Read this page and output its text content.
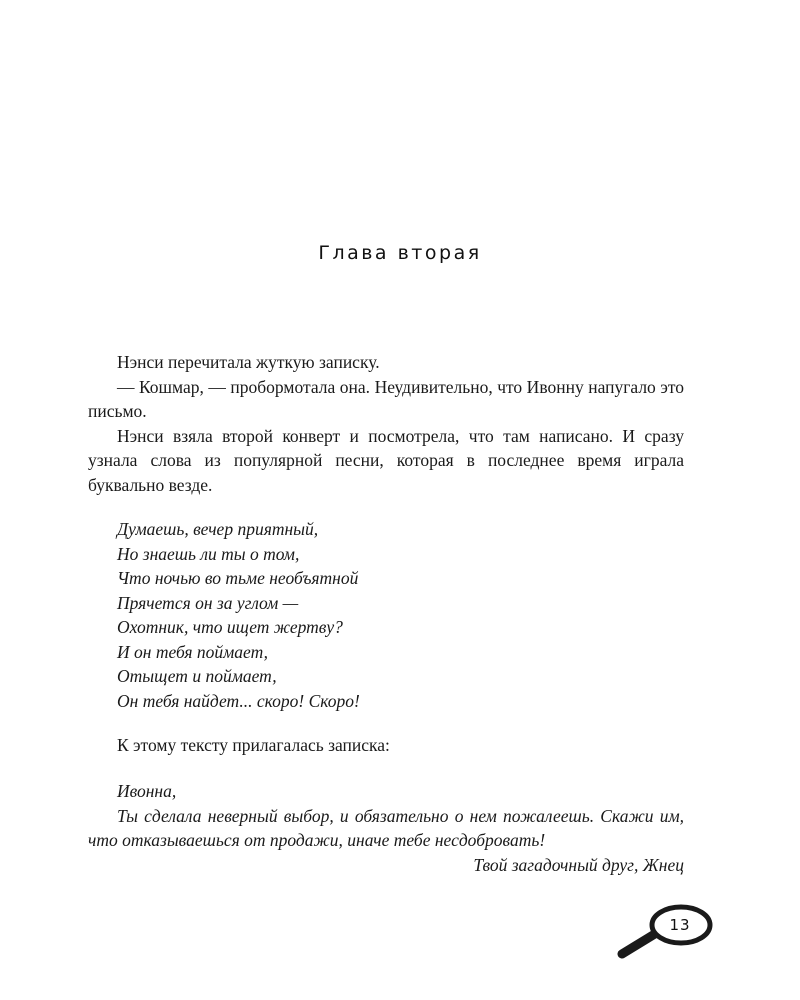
Глава вторая

Нэнси перечитала жуткую записку.

— Кошмар, — пробормотала она. Неудивительно, что Ивонну напугало это письмо.

Нэнси взяла второй конверт и посмотрела, что там написано. И сразу узнала слова из популярной песни, которая в последнее время играла буквально везде.

Думаешь, вечер приятный,
Но знаешь ли ты о том,
Что ночью во тьме необъятной
Прячется он за углом —
Охотник, что ищет жертву?
И он тебя поймает,
Отыщет и поймает,
Он тебя найдет... скоро! Скоро!

К этому тексту прилагалась записка:

Ивонна,

Ты сделала неверный выбор, и обязательно о нем пожалеешь. Скажи им, что отказываешься от продажи, иначе тебе несдобровать!

Твой загадочный друг, Жнец

13
